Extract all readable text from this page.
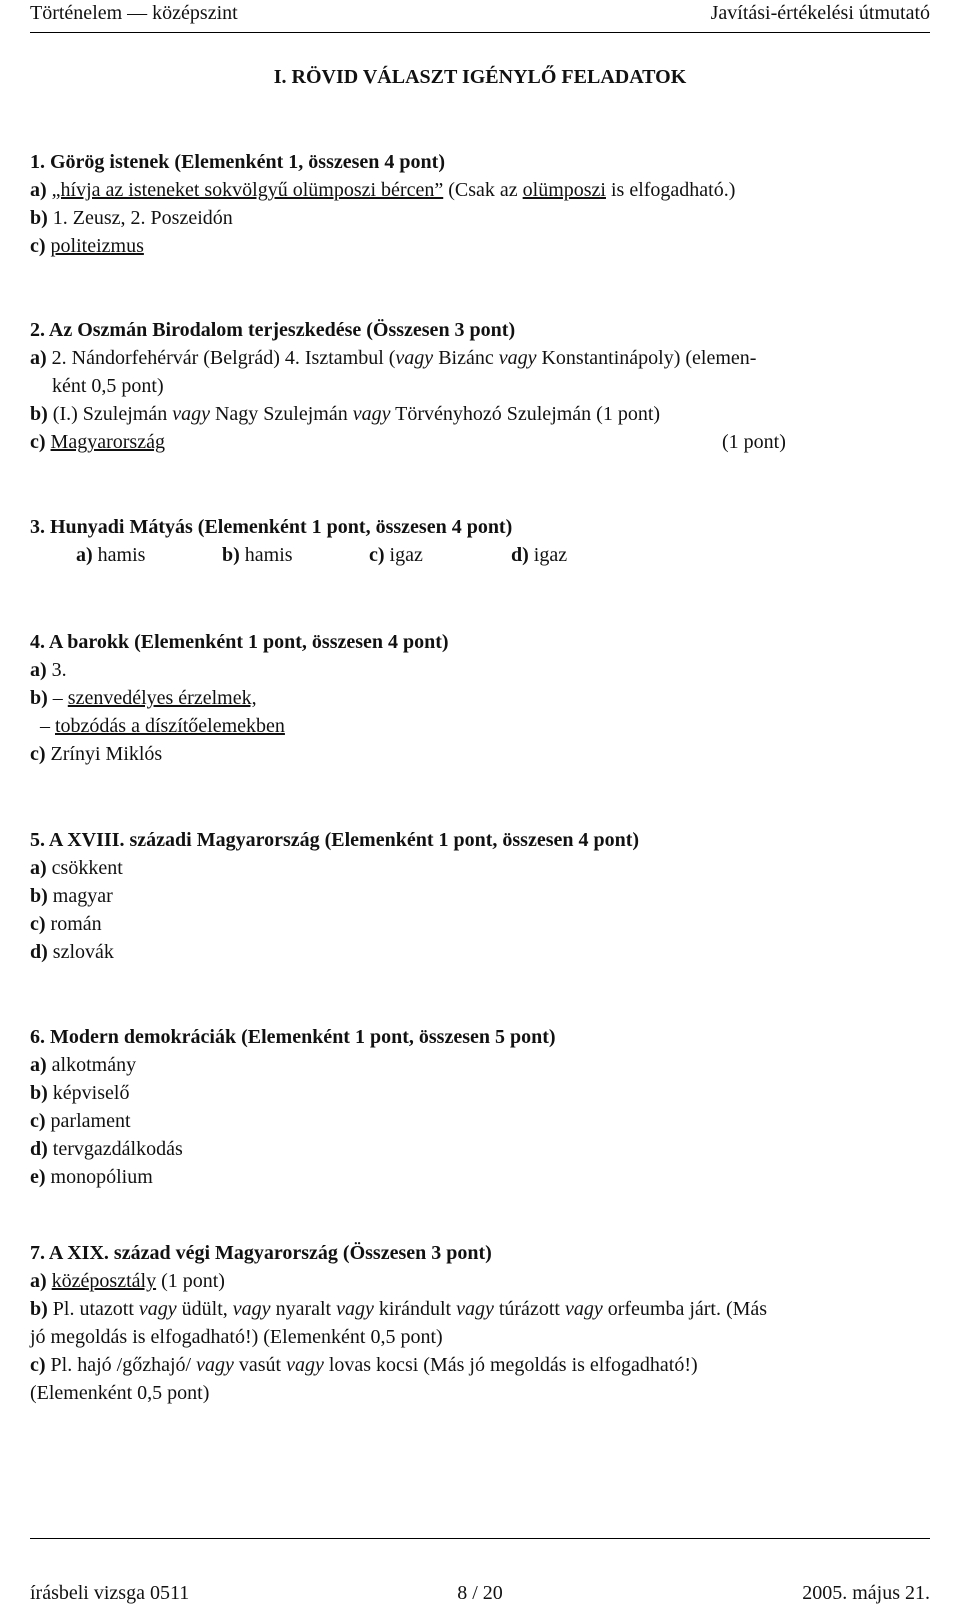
Történelem — középszint	Javítási-értékelési útmutató
I. RÖVID VÁLASZT IGÉNYLŐ FELADATOK
1. Görög istenek (Elemenként 1, összesen 4 pont)
a) „hívja az isteneket sokvölgyű olümposzi bércen” (Csak az olümposzi is elfogadható.)
b) 1. Zeusz, 2. Poszeidón
c) politeizmus
2. Az Oszmán Birodalom terjeszkedése (Összesen 3 pont)
a) 2. Nándorfehérvár (Belgrád) 4. Isztambul (vagy Bizánc vagy Konstantinápoly) (elemen-
ként 0,5 pont)
b) (I.) Szulejmán vagy Nagy Szulejmán vagy Törvényhozó Szulejmán (1 pont)
c) Magyarország	(1 pont)
3. Hunyadi Mátyás (Elemenként 1 pont, összesen 4 pont)
a) hamis	b) hamis	c) igaz	d) igaz
4. A barokk (Elemenként 1 pont, összesen 4 pont)
a) 3.
b) – szenvedélyes érzelmek,
– tobzódás a díszítőelemekben
c) Zrínyi Miklós
5. A XVIII. századi Magyarország (Elemenként 1 pont, összesen 4 pont)
a) csökkent
b) magyar
c) román
d) szlovák
6. Modern demokráciák (Elemenként 1 pont, összesen 5 pont)
a) alkotmány
b) képviselő
c) parlament
d) tervgazdálkodás
e) monopólium
7. A XIX. század végi Magyarország (Összesen 3 pont)
a) középosztály (1 pont)
b) Pl. utazott vagy üdült, vagy nyaralt vagy kirándult vagy túrázott vagy orfeumba járt. (Más
jó megoldás is elfogadható!) (Elemenként 0,5 pont)
c) Pl. hajó /gőzhajó/ vagy vasút vagy lovas kocsi (Más jó megoldás is elfogadható!)
(Elemenként 0,5 pont)
írásbeli vizsga 0511	8 / 20	2005. május 21.
